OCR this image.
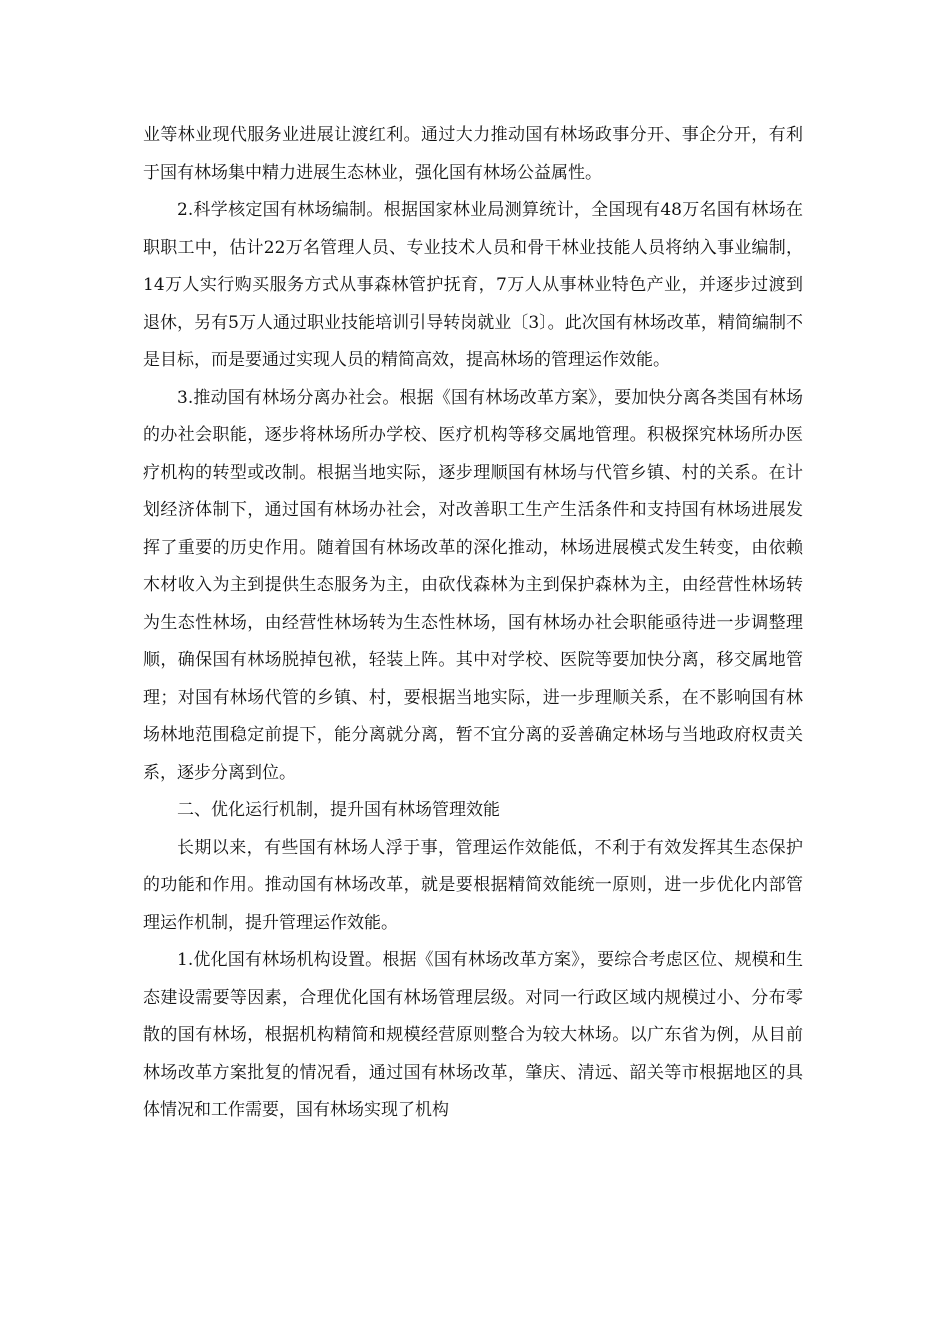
业等林业现代服务业进展让渡红利。通过大力推动国有林场政事分开、事企分开，有利于国有林场集中精力进展生态林业，强化国有林场公益属性。

2.科学核定国有林场编制。根据国家林业局测算统计，全国现有48万名国有林场在职职工中，估计22万名管理人员、专业技术人员和骨干林业技能人员将纳入事业编制，14万人实行购买服务方式从事森林管护抚育，7万人从事林业特色产业，并逐步过渡到退休，另有5万人通过职业技能培训引导转岗就业〔3〕。此次国有林场改革，精简编制不是目标，而是要通过实现人员的精简高效，提高林场的管理运作效能。

3.推动国有林场分离办社会。根据《国有林场改革方案》，要加快分离各类国有林场的办社会职能，逐步将林场所办学校、医疗机构等移交属地管理。积极探究林场所办医疗机构的转型或改制。根据当地实际，逐步理顺国有林场与代管乡镇、村的关系。在计划经济体制下，通过国有林场办社会，对改善职工生产生活条件和支持国有林场进展发挥了重要的历史作用。随着国有林场改革的深化推动，林场进展模式发生转变，由依赖木材收入为主到提供生态服务为主，由砍伐森林为主到保护森林为主，由经营性林场转为生态性林场，由经营性林场转为生态性林场，国有林场办社会职能亟待进一步调整理顺，确保国有林场脱掉包袱，轻装上阵。其中对学校、医院等要加快分离，移交属地管理；对国有林场代管的乡镇、村，要根据当地实际，进一步理顺关系，在不影响国有林场林地范围稳定前提下，能分离就分离，暂不宜分离的妥善确定林场与当地政府权责关系，逐步分离到位。

二、优化运行机制，提升国有林场管理效能

长期以来，有些国有林场人浮于事，管理运作效能低，不利于有效发挥其生态保护的功能和作用。推动国有林场改革，就是要根据精简效能统一原则，进一步优化内部管理运作机制，提升管理运作效能。

1.优化国有林场机构设置。根据《国有林场改革方案》，要综合考虑区位、规模和生态建设需要等因素，合理优化国有林场管理层级。对同一行政区域内规模过小、分布零散的国有林场，根据机构精简和规模经营原则整合为较大林场。以广东省为例，从目前林场改革方案批复的情况看，通过国有林场改革，肇庆、清远、韶关等市根据地区的具体情况和工作需要，国有林场实现了机构
